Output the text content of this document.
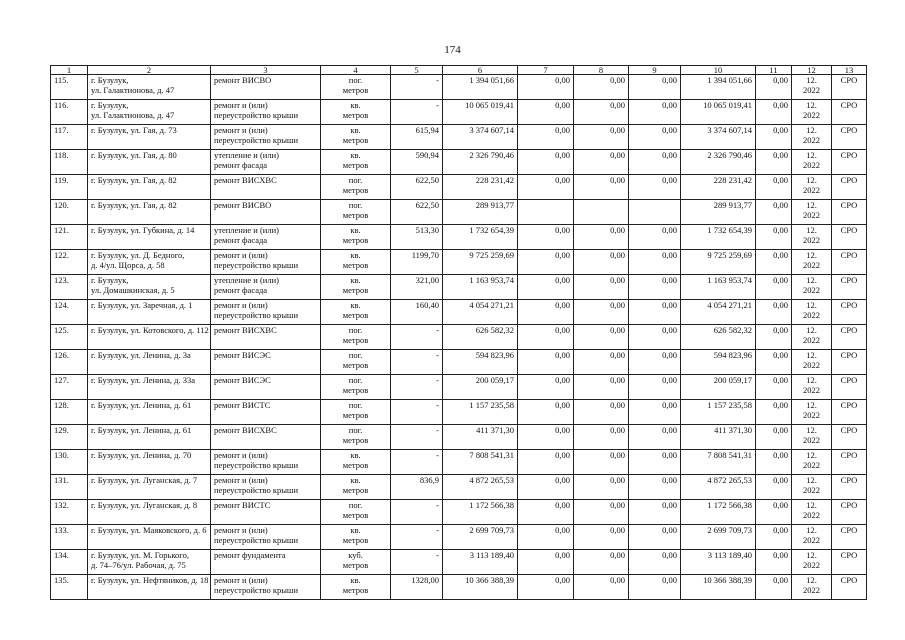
174
1	2	3	4	5	6	7	8	9	10	11	12	13

115.	г. Бузулук,
ул. Галактионова, д. 47	ремонт ВИСВО	пог.
метров	-	1 394 051,66	0,00	0,00	0,00	1 394 051,66	0,00	12.
2022	СРО

116.	г. Бузулук,
ул. Галактионова, д. 47	ремонт и (или)
переустройство крыши	кв.
метров	-	10 065 019,41	0,00	0,00	0,00	10 065 019,41	0,00	12.
2022	СРО

117.	г. Бузулук, ул. Гая, д. 73	ремонт и (или)
переустройство крыши	кв.
метров	615,94	3 374 607,14	0,00	0,00	0,00	3 374 607,14	0,00	12.
2022	СРО

118.	г. Бузулук, ул. Гая, д. 80	утепление и (или)
ремонт фасада	кв.
метров	590,94	2 326 790,46	0,00	0,00	0,00	2 326 790,46	0,00	12.
2022	СРО

119.	г. Бузулук, ул. Гая, д. 82	ремонт ВИСХВС	пог.
метров	622,50	228 231,42	0,00	0,00	0,00	228 231,42	0,00	12.
2022	СРО

120.	г. Бузулук, ул. Гая, д. 82	ремонт ВИСВО	пог.
метров	622,50	289 913,77				289 913,77	0,00	12.
2022	СРО

121.	г. Бузулук, ул. Губкина, д. 14	утепление и (или)
ремонт фасада	кв.
метров	513,30	1 732 654,39	0,00	0,00	0,00	1 732 654,39	0,00	12.
2022	СРО

122.	г. Бузулук, ул. Д. Бедного,
д. 4/ул. Щорса, д. 58	ремонт и (или)
переустройство крыши	кв.
метров	1199,70	9 725 259,69	0,00	0,00	0,00	9 725 259,69	0,00	12.
2022	СРО

123.	г. Бузулук,
ул. Домашкинская, д. 5	утепление и (или)
ремонт фасада	кв.
метров	321,00	1 163 953,74	0,00	0,00	0,00	1 163 953,74	0,00	12.
2022	СРО

124.	г. Бузулук, ул. Заречная, д. 1	ремонт и (или)
переустройство крыши	кв.
метров	160,40	4 054 271,21	0,00	0,00	0,00	4 054 271,21	0,00	12.
2022	СРО

125.	г. Бузулук, ул. Котовского, д. 112	ремонт ВИСХВС	пог.
метров	-	626 582,32	0,00	0,00	0,00	626 582,32	0,00	12.
2022	СРО

126.	г. Бузулук, ул. Ленина, д. 3а	ремонт ВИСЭС	пог.
метров	-	594 823,96	0,00	0,00	0,00	594 823,96	0,00	12.
2022	СРО

127.	г. Бузулук, ул. Ленина, д. 33а	ремонт ВИСЭС	пог.
метров	-	200 059,17	0,00	0,00	0,00	200 059,17	0,00	12.
2022	СРО

128.	г. Бузулук, ул. Ленина, д. 61	ремонт ВИСТС	пог.
метров	-	1 157 235,58	0,00	0,00	0,00	1 157 235,58	0,00	12.
2022	СРО

129.	г. Бузулук, ул. Ленина, д. 61	ремонт ВИСХВС	пог.
метров	-	411 371,30	0,00	0,00	0,00	411 371,30	0,00	12.
2022	СРО

130.	г. Бузулук, ул. Ленина, д. 70	ремонт и (или)
переустройство крыши	кв.
метров	-	7 808 541,31	0,00	0,00	0,00	7 808 541,31	0,00	12.
2022	СРО

131.	г. Бузулук, ул. Луганская, д. 7	ремонт и (или)
переустройство крыши	кв.
метров	836,9	4 872 265,53	0,00	0,00	0,00	4 872 265,53	0,00	12.
2022	СРО

132.	г. Бузулук, ул. Луганская, д. 8	ремонт ВИСТС	пог.
метров	-	1 172 566,38	0,00	0,00	0,00	1 172 566,38	0,00	12.
2022	СРО

133.	г. Бузулук, ул. Маяковского, д. 6	ремонт и (или)
переустройство крыши	кв.
метров	-	2 699 709,73	0,00	0,00	0,00	2 699 709,73	0,00	12.
2022	СРО

134.	г. Бузулук, ул. М. Горького,
д. 74–76/ул. Рабочая, д. 75	ремонт фундамента	куб.
метров	-	3 113 189,40	0,00	0,00	0,00	3 113 189,40	0,00	12.
2022	СРО

135.	г. Бузулук, ул. Нефтяников, д. 18	ремонт и (или)
переустройство крыши	кв.
метров	1328,00	10 366 388,39	0,00	0,00	0,00	10 366 388,39	0,00	12.
2022	СРО
